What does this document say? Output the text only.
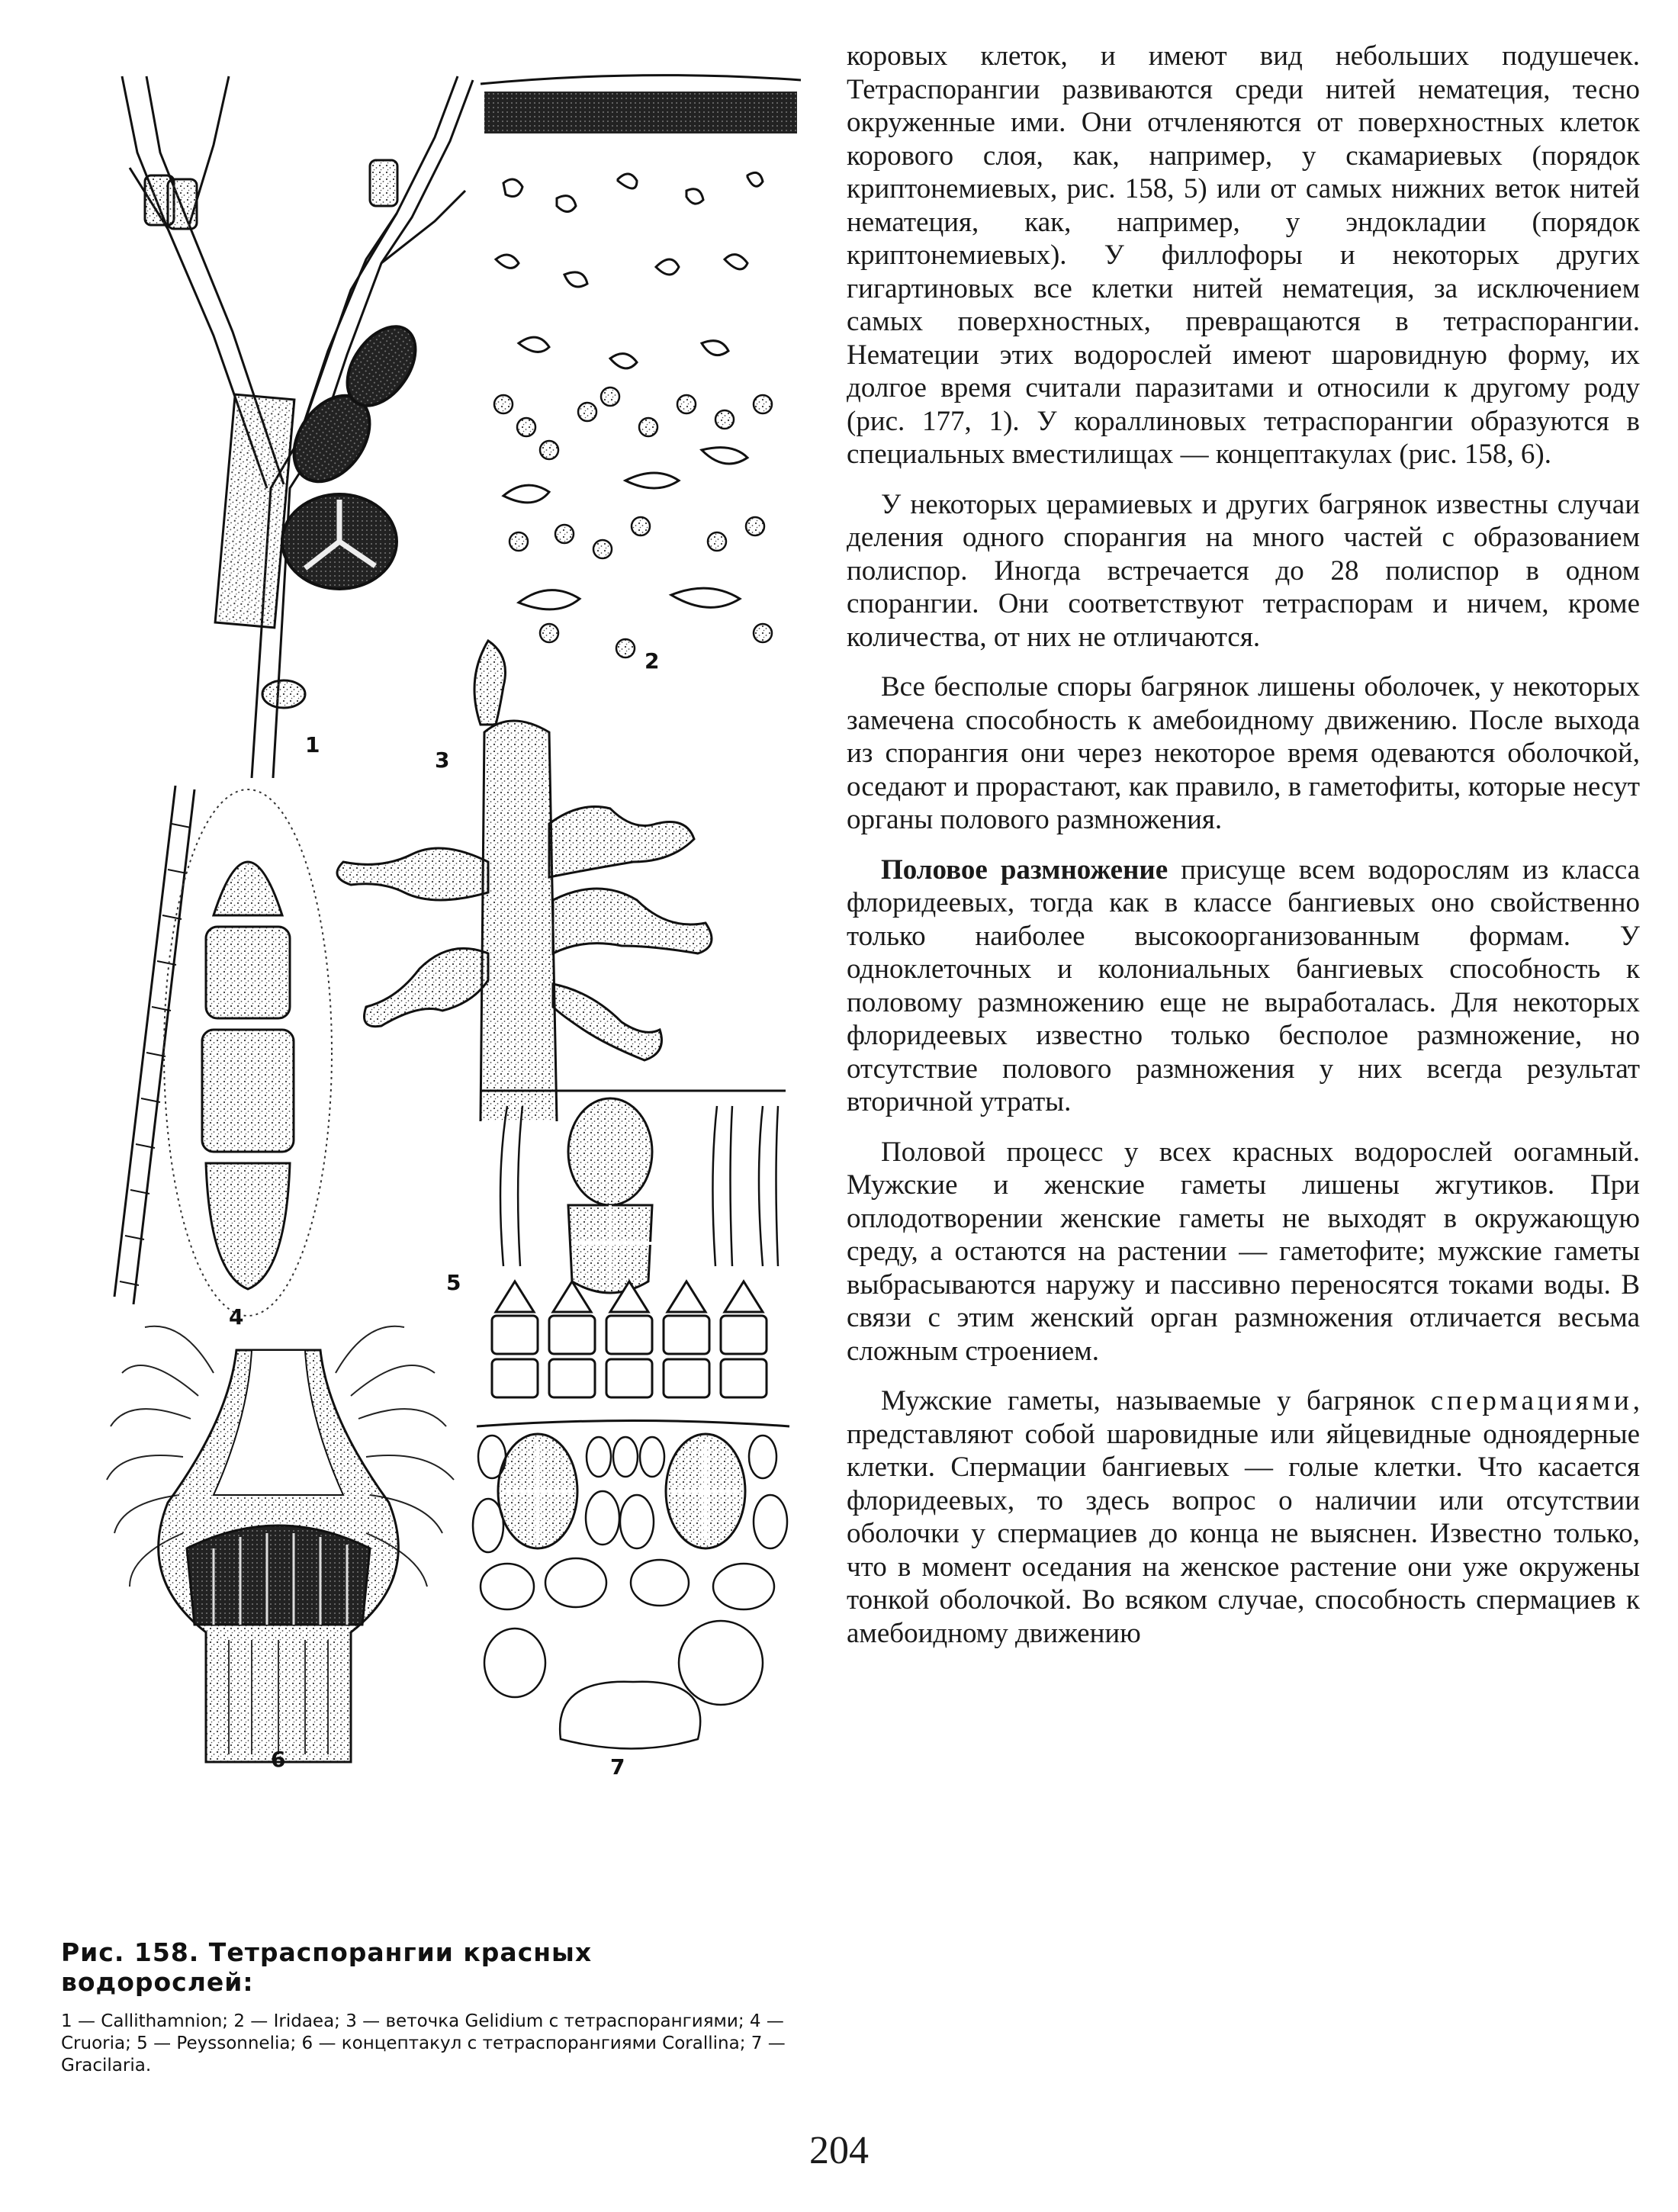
1
2
3
4
5
6	7
Рис. 158. Тетраспорангии красных водорослей:
1 — Callithamnion; 2 — Iridaea; 3 — веточка Gelidium с тетраспорангиями; 4 — Cruoria; 5 — Peyssonnelia; 6 — концептакул с тетраспорангиями Corallina; 7 — Gracilaria.

коровых клеток, и имеют вид небольших подушечек. Тетраспорангии развиваются среди нитей нематеция, тесно окруженные ими. Они отчленяются от поверхностных клеток корового слоя, как, например, у скамариевых (порядок криптонемиевых, рис. 158, 5) или от самых нижних веток нитей нематеция, как, например, у эндокладии (порядок криптонемиевых). У филлофоры и некоторых других гигартиновых все клетки нитей нематеция, за исключением самых поверхностных, превращаются в тетраспорангии. Нематеции этих водорослей имеют шаровидную форму, их долгое время считали паразитами и относили к другому роду (рис. 177, 1). У кораллиновых тетраспорангии образуются в специальных вместилищах — концептакулах (рис. 158, 6).

У некоторых церамиевых и других багрянок известны случаи деления одного спорангия на много частей с образованием полиспор. Иногда встречается до 28 полиспор в одном спорангии. Они соответствуют тетраспорам и ничем, кроме количества, от них не отличаются.

Все бесполые споры багрянок лишены оболочек, у некоторых замечена способность к амебоидному движению. После выхода из спорангия они через некоторое время одеваются оболочкой, оседают и прорастают, как правило, в гаметофиты, которые несут органы полового размножения.

Половое размножение присуще всем водорослям из класса флоридеевых, тогда как в классе бангиевых оно свойственно только наиболее высокоорганизованным формам. У одноклеточных и колониальных бангиевых способность к половому размножению еще не выработалась. Для некоторых флоридеевых известно только бесполое размножение, но отсутствие полового размножения у них всегда результат вторичной утраты.

Половой процесс у всех красных водорослей оогамный. Мужские и женские гаметы лишены жгутиков. При оплодотворении женские гаметы не выходят в окружающую среду, а остаются на растении — гаметофите; мужские гаметы выбрасываются наружу и пассивно переносятся токами воды. В связи с этим женский орган размножения отличается весьма сложным строением.

Мужские гаметы, называемые у багрянок спермациями, представляют собой шаровидные или яйцевидные одноядерные клетки. Спермации бангиевых — голые клетки. Что касается флоридеевых, то здесь вопрос о наличии или отсутствии оболочки у спермациев до конца не выяснен. Известно только, что в момент оседания на женское растение они уже окружены тонкой оболочкой. Во всяком случае, способность спермациев к амебоидному движению

204
